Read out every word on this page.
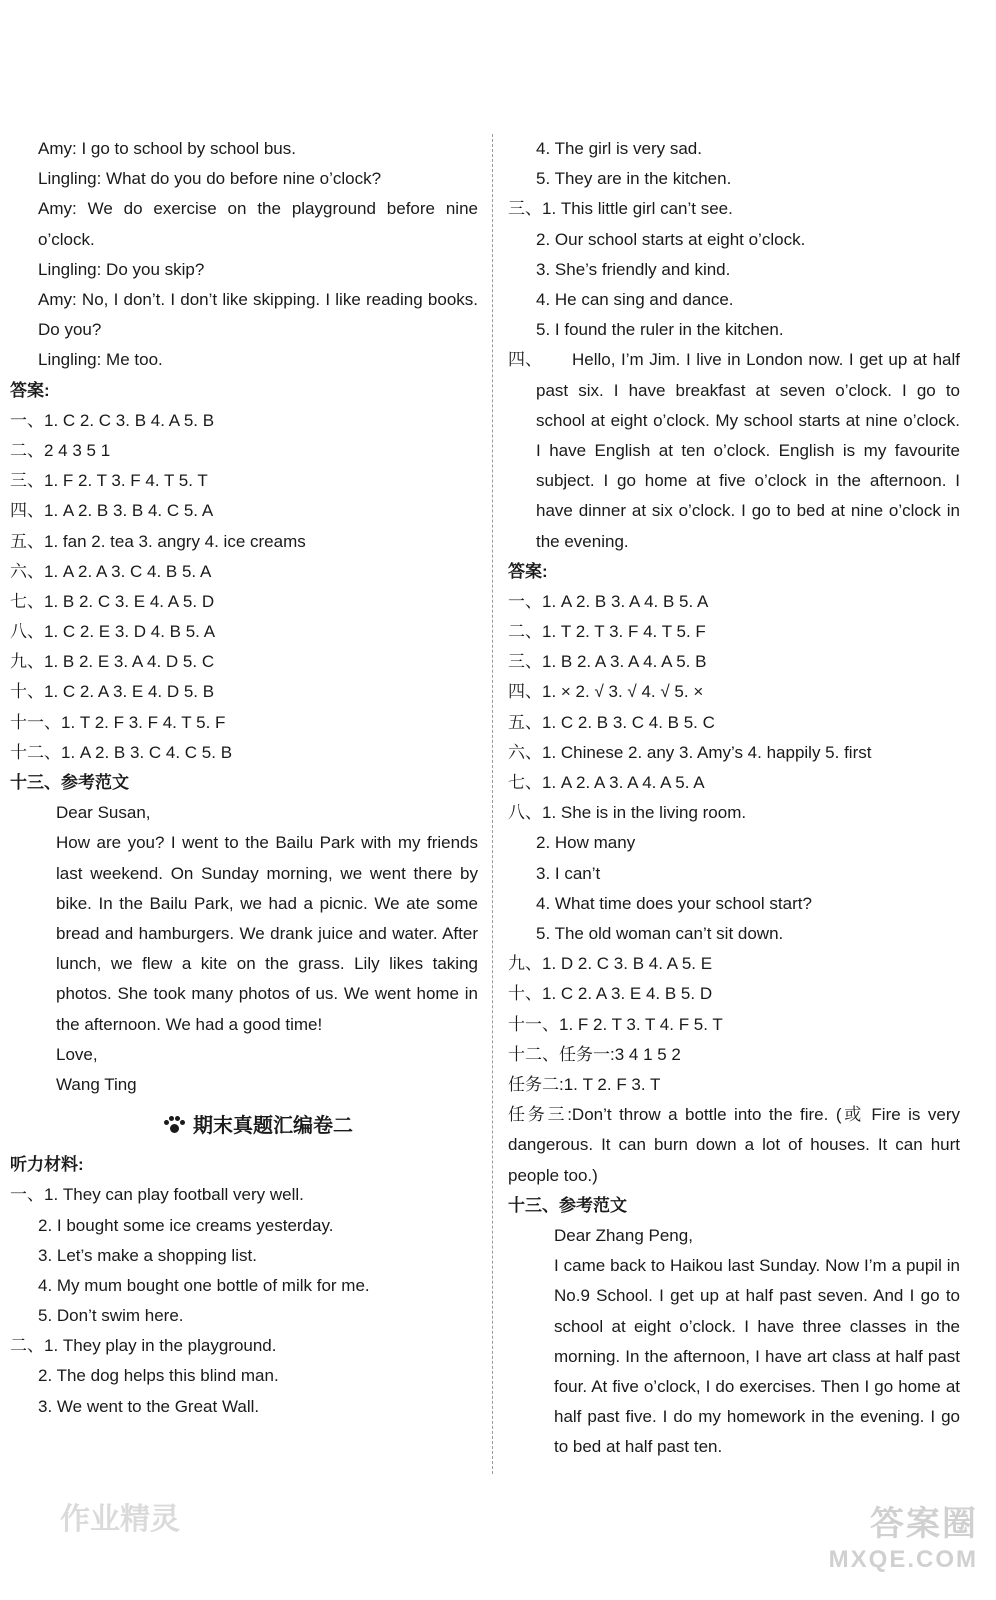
Amy: I go to school by school bus.
Lingling: What do you do before nine o’clock?

Amy: We do exercise on the playground before nine o’clock.

Lingling: Do you skip?

Amy: No, I don’t. I don’t like skipping. I like reading books. Do you?

Lingling: Me too.
答案:
一、1. C 2. C 3. B 4. A 5. B
二、2 4 3 5 1
三、1. F 2. T 3. F 4. T 5. T
四、1. A 2. B 3. B 4. C 5. A
五、1. fan 2. tea 3. angry 4. ice creams
六、1. A 2. A 3. C 4. B 5. A
七、1. B 2. C 3. E 4. A 5. D
八、1. C 2. E 3. D 4. B 5. A
九、1. B 2. E 3. A 4. D 5. C
十、1. C 2. A 3. E 4. D 5. B
十一、1. T 2. F 3. F 4. T 5. F
十二、1. A 2. B 3. C 4. C 5. B
十三、参考范文
Dear Susan,

How are you? I went to the Bailu Park with my friends last weekend. On Sunday morning, we went there by bike. In the Bailu Park, we had a picnic. We ate some bread and hamburgers. We drank juice and water. After lunch, we flew a kite on the grass. Lily likes taking photos. She took many photos of us. We went home in the afternoon. We had a good time!

Love,
Wang Ting
期末真题汇编卷二
听力材料:
一、1. They can play football very well.
2. I bought some ice creams yesterday.
3. Let’s make a shopping list.
4. My mum bought one bottle of milk for me.
5. Don’t swim here.
二、1. They play in the playground.
2. The dog helps this blind man.
3. We went to the Great Wall.
4. The girl is very sad.
5. They are in the kitchen.
三、1. This little girl can’t see.
2. Our school starts at eight o’clock.
3. She’s friendly and kind.
4. He can sing and dance.
5. I found the ruler in the kitchen.
四、	Hello, I’m Jim. I live in London now. I get up at half past six. I have breakfast at seven o’clock. I go to school at eight o’clock. My school starts at nine o’clock. I have English at ten o’clock. English is my favourite subject. I go home at five o’clock in the afternoon. I have dinner at six o’clock. I go to bed at nine o’clock in the evening.

答案:
一、1. A 2. B 3. A 4. B 5. A
二、1. T 2. T 3. F 4. T 5. F
三、1. B 2. A 3. A 4. A 5. B
四、1. × 2. √ 3. √ 4. √ 5. ×
五、1. C 2. B 3. C 4. B 5. C
六、1. Chinese 2. any 3. Amy’s 4. happily 5. first
七、1. A 2. A 3. A 4. A 5. A
八、1. She is in the living room.
2. How many
3. I can’t
4. What time does your school start?
5. The old woman can’t sit down.
九、1. D 2. C 3. B 4. A 5. E
十、1. C 2. A 3. E 4. B 5. D
十一、1. F 2. T 3. T 4. F 5. T
十二、任务一:3 4 1 5 2
任务二:1. T 2. F 3. T

任务三:Don’t throw a bottle into the fire. (或 Fire is very dangerous. It can burn down a lot of houses. It can hurt people too.)

十三、参考范文
Dear Zhang Peng,

I came back to Haikou last Sunday. Now I’m a pupil in No.9 School. I get up at half past seven. And I go to school at eight o’clock. I have three classes in the morning. In the afternoon, I have art class at half past four. At five o’clock, I do exercises. Then I go home at half past five. I do my homework in the evening. I go to bed at half past ten.

作业精灵	答案圈
MXQE.COM
